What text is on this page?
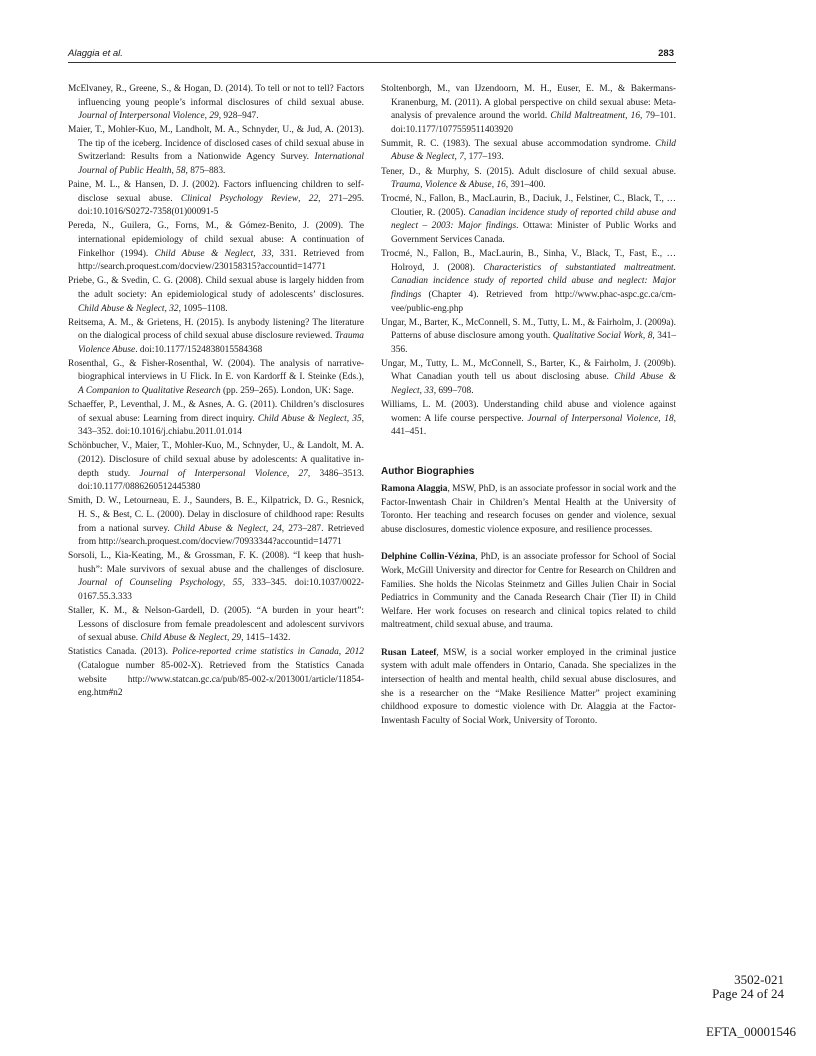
Alaggia et al.	283

McElvaney, R., Greene, S., & Hogan, D. (2014). To tell or not to tell? Factors influencing young people’s informal disclosures of child sexual abuse. Journal of Interpersonal Violence, 29, 928–947.

Maier, T., Mohler-Kuo, M., Landholt, M. A., Schnyder, U., & Jud, A. (2013). The tip of the iceberg. Incidence of disclosed cases of child sexual abuse in Switzerland: Results from a Nationwide Agency Survey. International Journal of Public Health, 58, 875–883.

Paine, M. L., & Hansen, D. J. (2002). Factors influencing children to self-disclose sexual abuse. Clinical Psychology Review, 22, 271–295. doi:10.1016/S0272-7358(01)00091-5

Pereda, N., Guilera, G., Forns, M., & Gómez-Benito, J. (2009). The international epidemiology of child sexual abuse: A continuation of Finkelhor (1994). Child Abuse & Neglect, 33, 331. Retrieved from http://search.proquest.com/docview/230158315?accountid=14771

Priebe, G., & Svedin, C. G. (2008). Child sexual abuse is largely hidden from the adult society: An epidemiological study of adolescents’ disclosures. Child Abuse & Neglect, 32, 1095–1108.

Reitsema, A. M., & Grietens, H. (2015). Is anybody listening? The literature on the dialogical process of child sexual abuse disclosure reviewed. Trauma Violence Abuse. doi:10.1177/1524838015584368

Rosenthal, G., & Fisher-Rosenthal, W. (2004). The analysis of narrative-biographical interviews in U Flick. In E. von Kardorff & I. Steinke (Eds.), A Companion to Qualitative Research (pp. 259–265). London, UK: Sage.

Schaeffer, P., Leventhal, J. M., & Asnes, A. G. (2011). Children’s disclosures of sexual abuse: Learning from direct inquiry. Child Abuse & Neglect, 35, 343–352. doi:10.1016/j.chiabu.2011.01.014

Schönbucher, V., Maier, T., Mohler-Kuo, M., Schnyder, U., & Landolt, M. A. (2012). Disclosure of child sexual abuse by adolescents: A qualitative in-depth study. Journal of Interpersonal Violence, 27, 3486–3513. doi:10.1177/0886260512445380

Smith, D. W., Letourneau, E. J., Saunders, B. E., Kilpatrick, D. G., Resnick, H. S., & Best, C. L. (2000). Delay in disclosure of childhood rape: Results from a national survey. Child Abuse & Neglect, 24, 273–287. Retrieved from http://search.proquest.com/docview/70933344?accountid=14771

Sorsoli, L., Kia-Keating, M., & Grossman, F. K. (2008). “I keep that hush-hush”: Male survivors of sexual abuse and the challenges of disclosure. Journal of Counseling Psychology, 55, 333–345. doi:10.1037/0022-0167.55.3.333

Staller, K. M., & Nelson-Gardell, D. (2005). “A burden in your heart”: Lessons of disclosure from female preadolescent and adolescent survivors of sexual abuse. Child Abuse & Neglect, 29, 1415–1432.

Statistics Canada. (2013). Police-reported crime statistics in Canada, 2012 (Catalogue number 85-002-X). Retrieved from the Statistics Canada website http://www.statcan.gc.ca/pub/85-002-x/2013001/article/11854-eng.htm#n2

Stoltenborgh, M., van IJzendoorn, M. H., Euser, E. M., & Bakermans-Kranenburg, M. (2011). A global perspective on child sexual abuse: Meta-analysis of prevalence around the world. Child Maltreatment, 16, 79–101. doi:10.1177/1077559511403920

Summit, R. C. (1983). The sexual abuse accommodation syndrome. Child Abuse & Neglect, 7, 177–193.

Tener, D., & Murphy, S. (2015). Adult disclosure of child sexual abuse. Trauma, Violence & Abuse, 16, 391–400.

Trocmé, N., Fallon, B., MacLaurin, B., Daciuk, J., Felstiner, C., Black, T., … Cloutier, R. (2005). Canadian incidence study of reported child abuse and neglect – 2003: Major findings. Ottawa: Minister of Public Works and Government Services Canada.

Trocmé, N., Fallon, B., MacLaurin, B., Sinha, V., Black, T., Fast, E., … Holroyd, J. (2008). Characteristics of substantiated maltreatment. Canadian incidence study of reported child abuse and neglect: Major findings (Chapter 4). Retrieved from http://www.phac-aspc.gc.ca/cm-vee/public-eng.php

Ungar, M., Barter, K., McConnell, S. M., Tutty, L. M., & Fairholm, J. (2009a). Patterns of abuse disclosure among youth. Qualitative Social Work, 8, 341–356.

Ungar, M., Tutty, L. M., McConnell, S., Barter, K., & Fairholm, J. (2009b). What Canadian youth tell us about disclosing abuse. Child Abuse & Neglect, 33, 699–708.

Williams, L. M. (2003). Understanding child abuse and violence against women: A life course perspective. Journal of Interpersonal Violence, 18, 441–451.

Author Biographies

Ramona Alaggia, MSW, PhD, is an associate professor in social work and the Factor-Inwentash Chair in Children’s Mental Health at the University of Toronto. Her teaching and research focuses on gender and violence, sexual abuse disclosures, domestic violence exposure, and resilience processes.

Delphine Collin-Vézina, PhD, is an associate professor for School of Social Work, McGill University and director for Centre for Research on Children and Families. She holds the Nicolas Steinmetz and Gilles Julien Chair in Social Pediatrics in Community and the Canada Research Chair (Tier II) in Child Welfare. Her work focuses on research and clinical topics related to child maltreatment, child sexual abuse, and trauma.

Rusan Lateef, MSW, is a social worker employed in the criminal justice system with adult male offenders in Ontario, Canada. She specializes in the intersection of health and mental health, child sexual abuse disclosures, and she is a researcher on the “Make Resilience Matter” project examining childhood exposure to domestic violence with Dr. Alaggia at the Factor-Inwentash Faculty of Social Work, University of Toronto.

3502-021
Page 24 of 24
EFTA_00001546
